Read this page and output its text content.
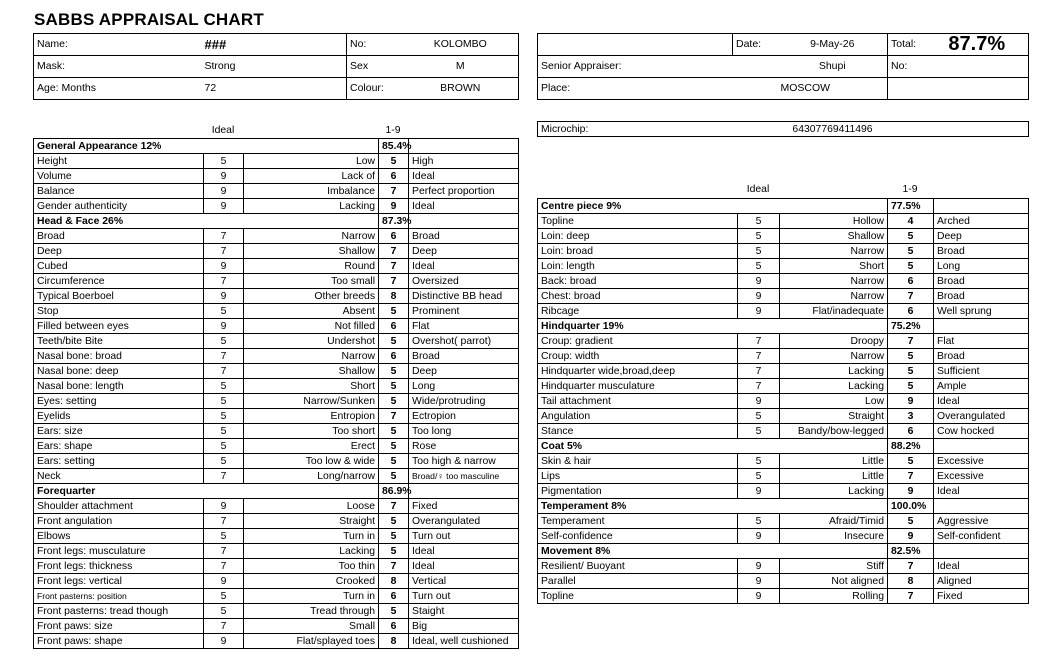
SABBS APPRAISAL CHART
Name:	###	No:	KOLOMBO
Mask:	Strong	Sex	M
Age: Months	72	Colour:	BROWN
	Date:	9-May-26	Total:	87.7%
Senior Appraiser:		Shupi	No:	
Place:	MOSCOW			
Microchip:	64307769411496	
	Ideal		1-9	
General Appearance 12%			85.4%	
Height	5	Low	5	High
Volume	9	Lack of	6	Ideal
Balance	9	Imbalance	7	Perfect proportion
Gender authenticity	9	Lacking	9	Ideal
Head & Face 26%			87.3%	
Broad	7	Narrow	6	Broad
Deep	7	Shallow	7	Deep
Cubed	9	Round	7	Ideal
Circumference	7	Too small	7	Oversized
Typical Boerboel	9	Other breeds	8	Distinctive BB head
Stop	5	Absent	5	Prominent
Filled between eyes	9	Not filled	6	Flat
Teeth/bite Bite	5	Undershot	5	Overshot( parrot)
Nasal bone: broad	7	Narrow	6	Broad
Nasal bone: deep	7	Shallow	5	Deep
Nasal bone: length	5	Short	5	Long
Eyes: setting	5	Narrow/Sunken	5	Wide/protruding
Eyelids	5	Entropion	7	Ectropion
Ears: size	5	Too short	5	Too long
Ears: shape	5	Erect	5	Rose
Ears: setting	5	Too low & wide	5	Too high & narrow
Neck	7	Long/narrow	5	Broad/♀ too masculine
Forequarter			86.9%	
Shoulder attachment	9	Loose	7	Fixed
Front angulation	7	Straight	5	Overangulated
Elbows	5	Turn in	5	Turn out
Front legs: musculature	7	Lacking	5	Ideal
Front legs: thickness	7	Too thin	7	Ideal
Front legs: vertical	9	Crooked	8	Vertical
Front pasterns: position	5	Turn in	6	Turn out
Front pasterns: tread though	5	Tread through	5	Staight
Front paws: size	7	Small	6	Big
Front paws: shape	9	Flat/splayed toes	8	Ideal, well cushioned
	Ideal		1-9	
Centre piece 9%			77.5%	
Topline	5	Hollow	4	Arched
Loin: deep	5	Shallow	5	Deep
Loin: broad	5	Narrow	5	Broad
Loin: length	5	Short	5	Long
Back: broad	9	Narrow	6	Broad
Chest: broad	9	Narrow	7	Broad
Ribcage	9	Flat/inadequate	6	Well sprung
Hindquarter 19%			75.2%	
Croup: gradient	7	Droopy	7	Flat
Croup: width	7	Narrow	5	Broad
Hindquarter wide,broad,deep	7	Lacking	5	Sufficient
Hindquarter musculature	7	Lacking	5	Ample
Tail attachment	9	Low	9	Ideal
Angulation	5	Straight	3	Overangulated
Stance	5	Bandy/bow-legged	6	Cow hocked
Coat 5%			88.2%	
Skin & hair	5	Little	5	Excessive
Lips	5	Little	7	Excessive
Pigmentation	9	Lacking	9	Ideal
Temperament 8%			100.0%	
Temperament	5	Afraid/Timid	5	Aggressive
Self-confidence	9	Insecure	9	Self-confident
Movement 8%			82.5%	
Resilient/ Buoyant	9	Stiff	7	Ideal
Parallel	9	Not aligned	8	Aligned
Topline	9	Rolling	7	Fixed
